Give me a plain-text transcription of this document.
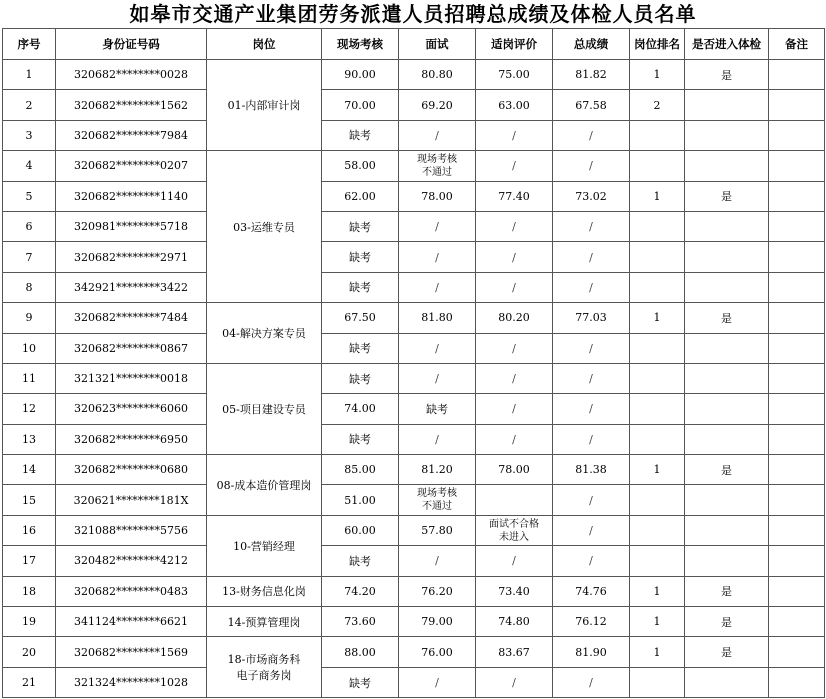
如皋市交通产业集团劳务派遣人员招聘总成绩及体检人员名单
序号	身份证号码	岗位	现场考核	面试	适岗评价	总成绩	岗位排名	是否进入体检	备注
1	320682********0028	01-内部审计岗	90.00	80.80	75.00	81.82	1	是	
2	320682********1562		70.00	69.20	63.00	67.58	2		
3	320682********7984		缺考	/	/	/			
4	320682********0207	03-运维专员	58.00	现场考核
不通过	/	/			
5	320682********1140		62.00	78.00	77.40	73.02	1	是	
6	320981********5718		缺考	/	/	/			
7	320682********2971		缺考	/	/	/			
8	342921********3422		缺考	/	/	/			
9	320682********7484	04-解决方案专员	67.50	81.80	80.20	77.03	1	是	
10	320682********0867		缺考	/	/	/			
11	321321********0018	05-项目建设专员	缺考	/	/	/			
12	320623********6060		74.00	缺考	/	/			
13	320682********6950		缺考	/	/	/			
14	320682********0680	08-成本造价管理岗	85.00	81.20	78.00	81.38	1	是	
15	320621********181X		51.00	现场考核
不通过		/			
16	321088********5756	10-营销经理	60.00	57.80	面试不合格
未进入	/			
17	320482********4212		缺考	/	/	/			
18	320682********0483	13-财务信息化岗	74.20	76.20	73.40	74.76	1	是	
19	341124********6621	14-预算管理岗	73.60	79.00	74.80	76.12	1	是	
20	320682********1569	18-市场商务科
电子商务岗	88.00	76.00	83.67	81.90	1	是	
21	321324********1028		缺考	/	/	/			
